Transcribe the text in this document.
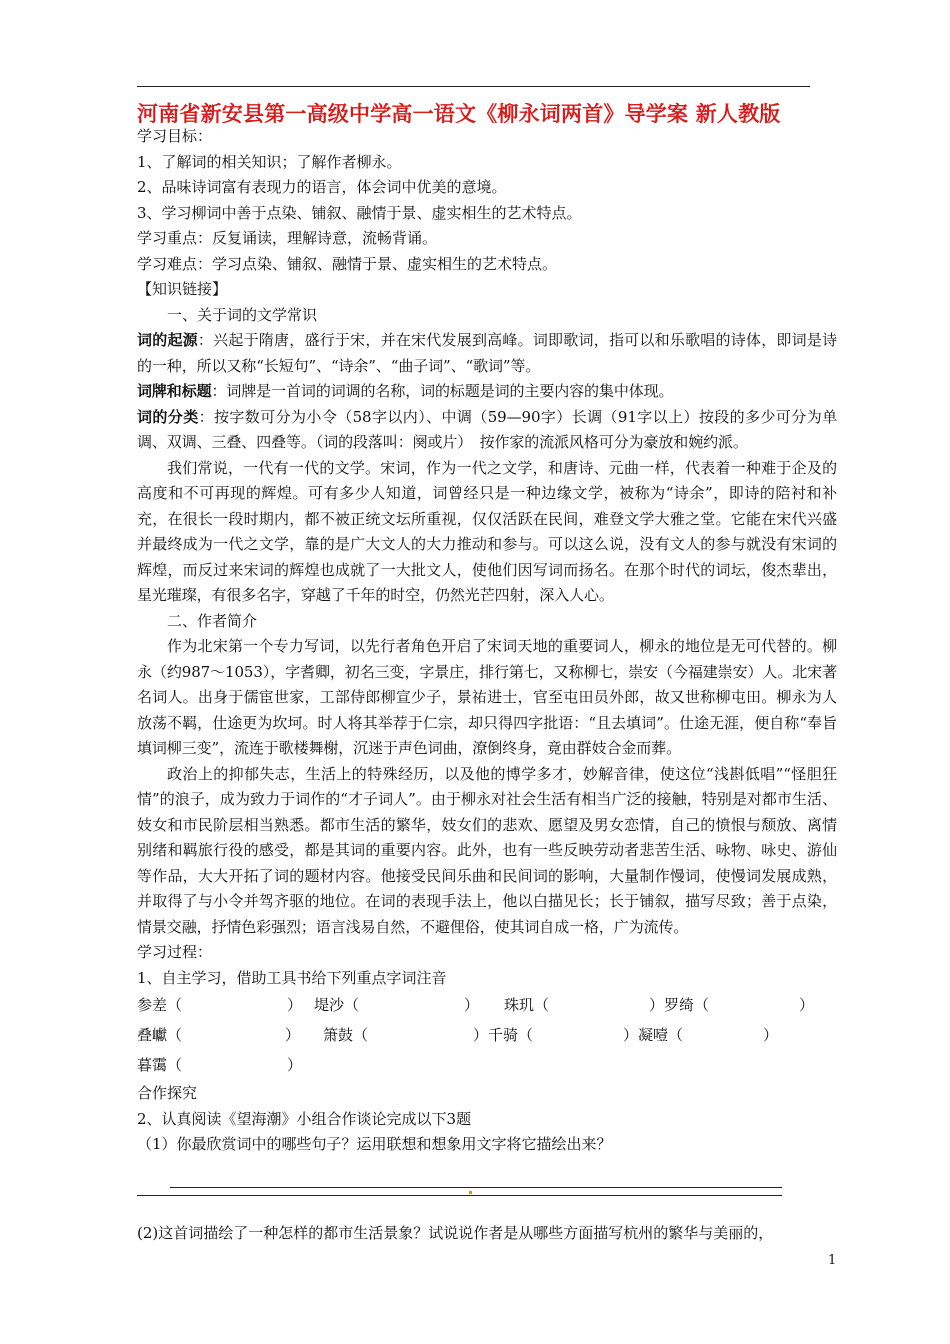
河南省新安县第一高级中学高一语文《柳永词两首》导学案 新人教版
学习目标：
1、了解词的相关知识；了解作者柳永。
2、品味诗词富有表现力的语言，体会词中优美的意境。
3、学习柳词中善于点染、铺叙、融情于景、虚实相生的艺术特点。
学习重点：反复诵读，理解诗意，流畅背诵。
学习难点：学习点染、铺叙、融情于景、虚实相生的艺术特点。
【知识链接】
一、关于词的文学常识

词的起源：兴起于隋唐，盛行于宋，并在宋代发展到高峰。词即歌词，指可以和乐歌唱的诗体，即词是诗的一种，所以又称“长短句”、“诗余”、“曲子词”、“歌词”等。

词牌和标题：词牌是一首词的词调的名称，词的标题是词的主要内容的集中体现。

词的分类：按字数可分为小令（58字以内）、中调（59—90字）长调（91字以上）按段的多少可分为单调、双调、三叠、四叠等。（词的段落叫：阕或片）　按作家的流派风格可分为豪放和婉约派。

我们常说，一代有一代的文学。宋词，作为一代之文学，和唐诗、元曲一样，代表着一种难于企及的高度和不可再现的辉煌。可有多少人知道，词曾经只是一种边缘文学，被称为“诗余”，即诗的陪衬和补充，在很长一段时期内，都不被正统文坛所重视，仅仅活跃在民间，难登文学大雅之堂。它能在宋代兴盛并最终成为一代之文学，靠的是广大文人的大力推动和参与。可以这么说，没有文人的参与就没有宋词的辉煌，而反过来宋词的辉煌也成就了一大批文人，使他们因写词而扬名。在那个时代的词坛，俊杰辈出，星光璀璨，有很多名字，穿越了千年的时空，仍然光芒四射，深入人心。

二、作者简介

作为北宋第一个专力写词，以先行者角色开启了宋词天地的重要词人，柳永的地位是无可代替的。柳永（约987～1053），字耆卿，初名三变，字景庄，排行第七，又称柳七，崇安（今福建崇安）人。北宋著名词人。出身于儒宦世家，工部侍郎柳宣少子，景祐进士，官至屯田员外郎，故又世称柳屯田。柳永为人放荡不羁，仕途更为坎坷。时人将其举荐于仁宗，却只得四字批语：“且去填词”。仕途无涯，便自称“奉旨填词柳三变”，流连于歌楼舞榭，沉迷于声色词曲，潦倒终身，竟由群妓合金而葬。

政治上的抑郁失志，生活上的特殊经历，以及他的博学多才，妙解音律，使这位“浅斟低唱”“怪胆狂情”的浪子，成为致力于词作的“才子词人”。由于柳永对社会生活有相当广泛的接触，特别是对都市生活、妓女和市民阶层相当熟悉。都市生活的繁华，妓女们的悲欢、愿望及男女恋情，自己的愤恨与颓放、离情别绪和羁旅行役的感受，都是其词的重要内容。此外，也有一些反映劳动者悲苦生活、咏物、咏史、游仙等作品，大大开拓了词的题材内容。他接受民间乐曲和民间词的影响，大量制作慢词，使慢词发展成熟，并取得了与小令并驾齐驱的地位。在词的表现手法上，他以白描见长；长于铺叙，描写尽致；善于点染，情景交融，抒情色彩强烈；语言浅易自然，不避俚俗，使其词自成一格，广为流传。

学习过程：
1、自主学习，借助工具书给下列重点字词注音
参差（	） 堤沙（	）	珠玑（	）罗绮（	）
叠巘（	）	箫鼓（	）千骑（	）凝噎（	）
暮霭（	）
合作探究
2、认真阅读《望海潮》小组合作谈论完成以下3题
（1）你最欣赏词中的哪些句子？运用联想和想象用文字将它描绘出来？
(2)这首词描绘了一种怎样的都市生活景象？试说说作者是从哪些方面描写杭州的繁华与美丽的，
1
